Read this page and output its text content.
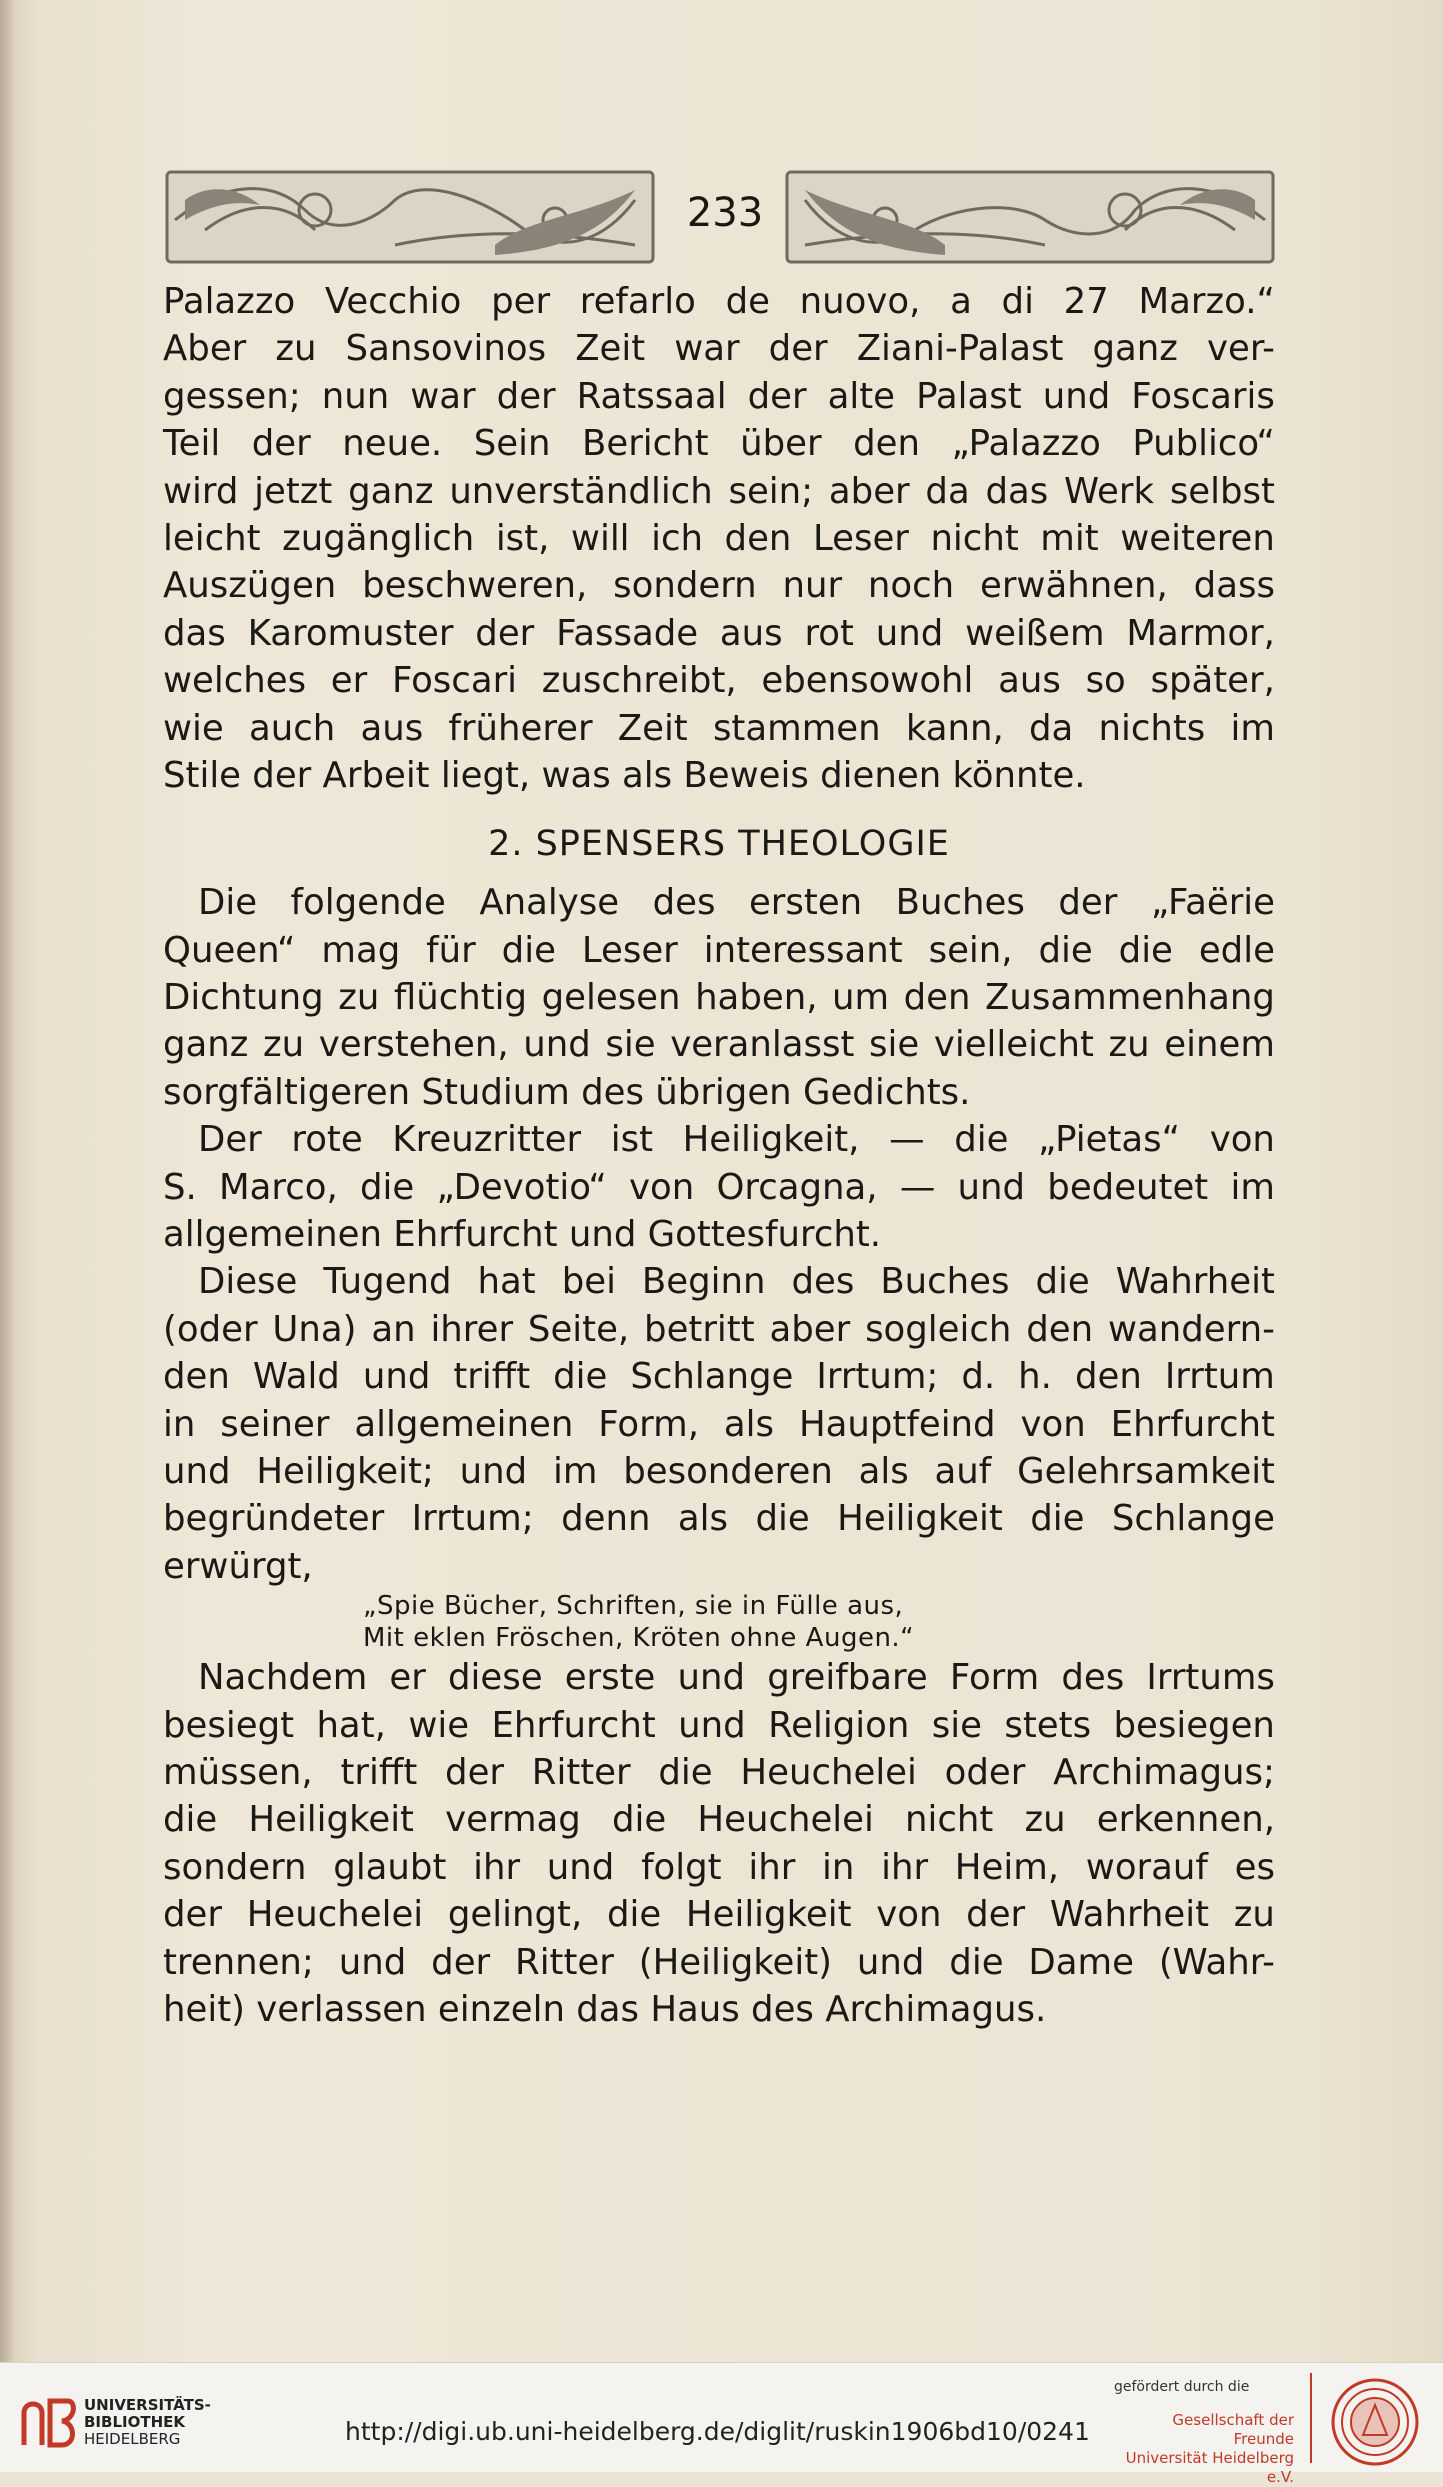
233
Palazzo Vecchio per refarlo de nuovo, a di 27 Marzo.“
Aber zu Sansovinos Zeit war der Ziani-Palast ganz ver-
gessen; nun war der Ratssaal der alte Palast und Foscaris
Teil der neue. Sein Bericht über den „Palazzo Publico“
wird jetzt ganz unverständlich sein; aber da das Werk selbst
leicht zugänglich ist, will ich den Leser nicht mit weiteren
Auszügen beschweren, sondern nur noch erwähnen, dass
das Karomuster der Fassade aus rot und weißem Marmor,
welches er Foscari zuschreibt, ebensowohl aus so später,
wie auch aus früherer Zeit stammen kann, da nichts im
Stile der Arbeit liegt, was als Beweis dienen könnte.
2. SPENSERS THEOLOGIE
Die folgende Analyse des ersten Buches der „Faërie
Queen“ mag für die Leser interessant sein, die die edle
Dichtung zu flüchtig gelesen haben, um den Zusammenhang
ganz zu verstehen, und sie veranlasst sie vielleicht zu einem
sorgfältigeren Studium des übrigen Gedichts.
Der rote Kreuzritter ist Heiligkeit, — die „Pietas“ von
S. Marco, die „Devotio“ von Orcagna, — und bedeutet im
allgemeinen Ehrfurcht und Gottesfurcht.
Diese Tugend hat bei Beginn des Buches die Wahrheit
(oder Una) an ihrer Seite, betritt aber sogleich den wandern-
den Wald und trifft die Schlange Irrtum; d. h. den Irrtum
in seiner allgemeinen Form, als Hauptfeind von Ehrfurcht
und Heiligkeit; und im besonderen als auf Gelehrsamkeit
begründeter Irrtum; denn als die Heiligkeit die Schlange
erwürgt,
„Spie Bücher, Schriften, sie in Fülle aus,
Mit eklen Fröschen, Kröten ohne Augen.“
Nachdem er diese erste und greifbare Form des Irrtums
besiegt hat, wie Ehrfurcht und Religion sie stets besiegen
müssen, trifft der Ritter die Heuchelei oder Archimagus;
die Heiligkeit vermag die Heuchelei nicht zu erkennen,
sondern glaubt ihr und folgt ihr in ihr Heim, worauf es
der Heuchelei gelingt, die Heiligkeit von der Wahrheit zu
trennen; und der Ritter (Heiligkeit) und die Dame (Wahr-
heit) verlassen einzeln das Haus des Archimagus.
UNIVERSITÄTS-
BIBLIOTHEK
HEIDELBERG	http://digi.ub.uni-heidelberg.de/diglit/ruskin1906bd10/0241
gefördert durch die
Gesellschaft der Freunde
Universität Heidelberg e.V.
